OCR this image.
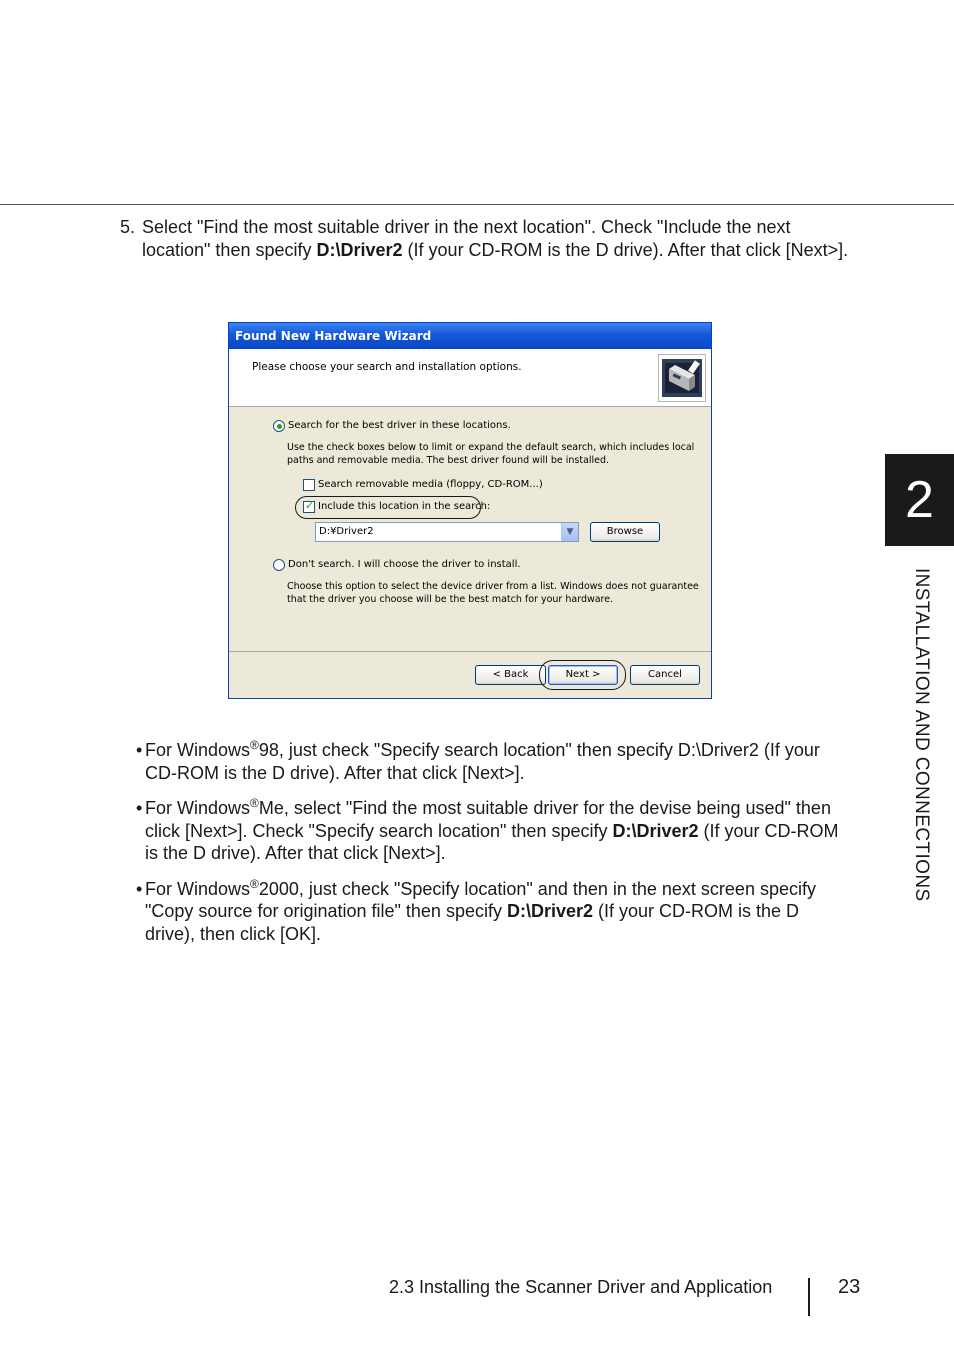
5. Select "Find the most suitable driver in the next location". Check "Include the next location" then specify D:\Driver2 (If your CD-ROM is the D drive). After that click [Next>].
Found New Hardware Wizard
Please choose your search and installation options.
Search for the best driver in these locations.
Use the check boxes below to limit or expand the default search, which includes local paths and removable media. The best driver found will be installed.
Search removable media (floppy, CD-ROM...)
✓
Include this location in the search:
D:¥Driver2	▼	Browse
Don't search. I will choose the driver to install.
Choose this option to select the device driver from a list. Windows does not guarantee that the driver you choose will be the best match for your hardware.
< Back	Next >	Cancel
• For Windows®98, just check "Specify search location" then specify D:\Driver2 (If your CD-ROM is the D drive). After that click [Next>].
• For Windows®Me, select "Find the most suitable driver for the devise being used" then click [Next>]. Check "Specify search location" then specify D:\Driver2 (If your CD-ROM is the D drive). After that click [Next>].
• For Windows®2000, just check "Specify location" and then in the next screen specify "Copy source for origination file" then specify D:\Driver2 (If your CD-ROM is the D drive), then click [OK].
2
INSTALLATION AND CONNECTIONS
2.3 Installing the Scanner Driver and Application	23
